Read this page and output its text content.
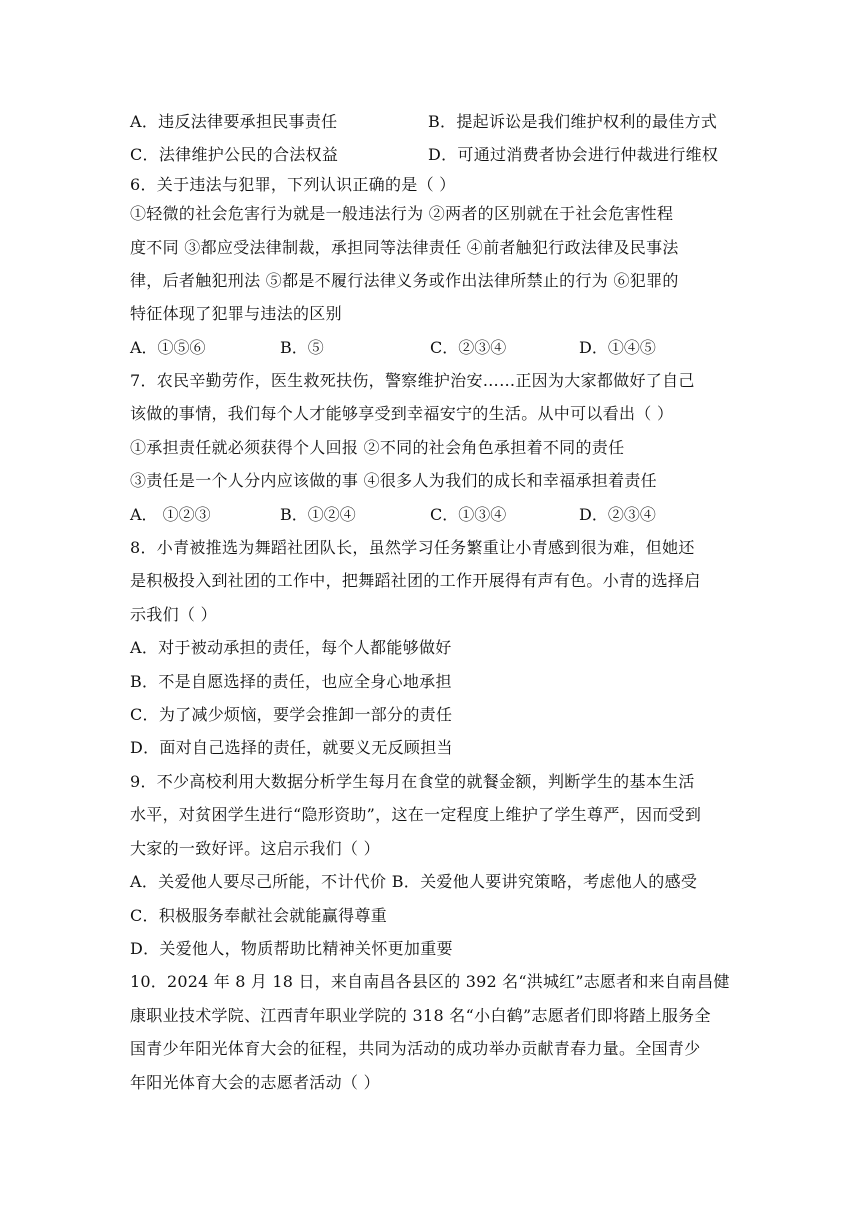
A．违反法律要承担民事责任	B．提起诉讼是我们维护权利的最佳方式
C．法律维护公民的合法权益	D．可通过消费者协会进行仲裁进行维权
6．关于违法与犯罪，下列认识正确的是（ ）
①轻微的社会危害行为就是一般违法行为 ②两者的区别就在于社会危害性程
度不同 ③都应受法律制裁，承担同等法律责任 ④前者触犯行政法律及民事法
律，后者触犯刑法 ⑤都是不履行法律义务或作出法律所禁止的行为 ⑥犯罪的
特征体现了犯罪与违法的区别
A．①⑤⑥	B．⑤	C．②③④	D．①④⑤
7．农民辛勤劳作，医生救死扶伤，警察维护治安……正因为大家都做好了自己
该做的事情，我们每个人才能够享受到幸福安宁的生活。从中可以看出（ ）
①承担责任就必须获得个人回报 ②不同的社会角色承担着不同的责任
③责任是一个人分内应该做的事 ④很多人为我们的成长和幸福承担着责任
A． ①②③	B．①②④	C．①③④	D．②③④
8．小青被推选为舞蹈社团队长，虽然学习任务繁重让小青感到很为难，但她还
是积极投入到社团的工作中，把舞蹈社团的工作开展得有声有色。小青的选择启
示我们（ ）
A．对于被动承担的责任，每个人都能够做好
B．不是自愿选择的责任，也应全身心地承担
C．为了减少烦恼，要学会推卸一部分的责任
D．面对自己选择的责任，就要义无反顾担当
9．不少高校利用大数据分析学生每月在食堂的就餐金额，判断学生的基本生活
水平，对贫困学生进行“隐形资助”，这在一定程度上维护了学生尊严，因而受到
大家的一致好评。这启示我们（ ）
A．关爱他人要尽己所能，不计代价 B．关爱他人要讲究策略，考虑他人的感受
C．积极服务奉献社会就能赢得尊重
D．关爱他人，物质帮助比精神关怀更加重要
10．2024 年 8 月 18 日，来自南昌各县区的 392 名“洪城红”志愿者和来自南昌健
康职业技术学院、江西青年职业学院的 318 名“小白鹤”志愿者们即将踏上服务全
国青少年阳光体育大会的征程，共同为活动的成功举办贡献青春力量。全国青少
年阳光体育大会的志愿者活动（ ）
